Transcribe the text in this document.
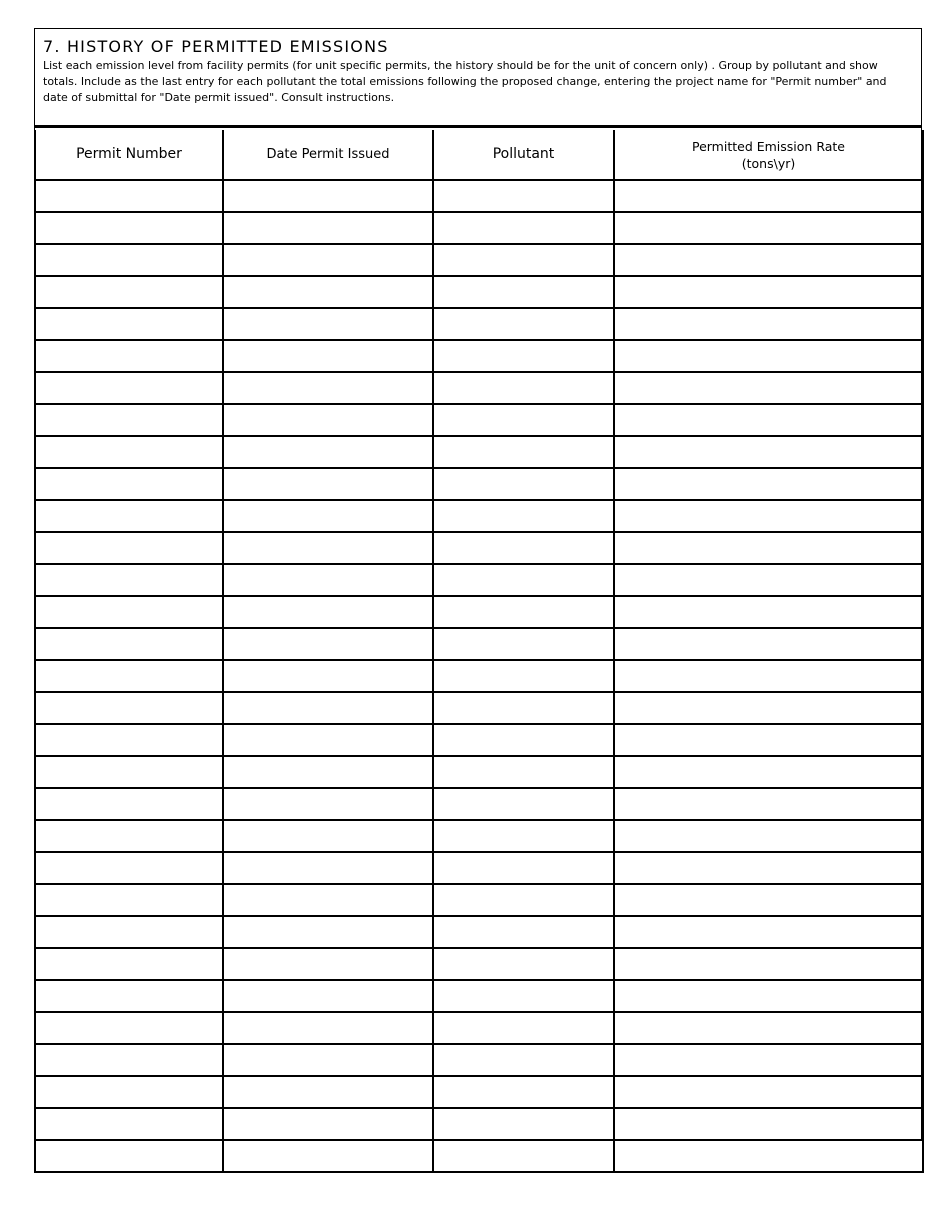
7. HISTORY OF PERMITTED EMISSIONS

List each emission level from facility permits (for unit specific permits, the history should be for the unit of concern only) . Group by pollutant and show totals. Include as the last entry for each pollutant the total emissions following the proposed change, entering the project name for "Permit number" and date of submittal for "Date permit issued". Consult instructions.

Permit Number	Date Permit Issued	Pollutant	Permitted Emission Rate
(tons\yr)
